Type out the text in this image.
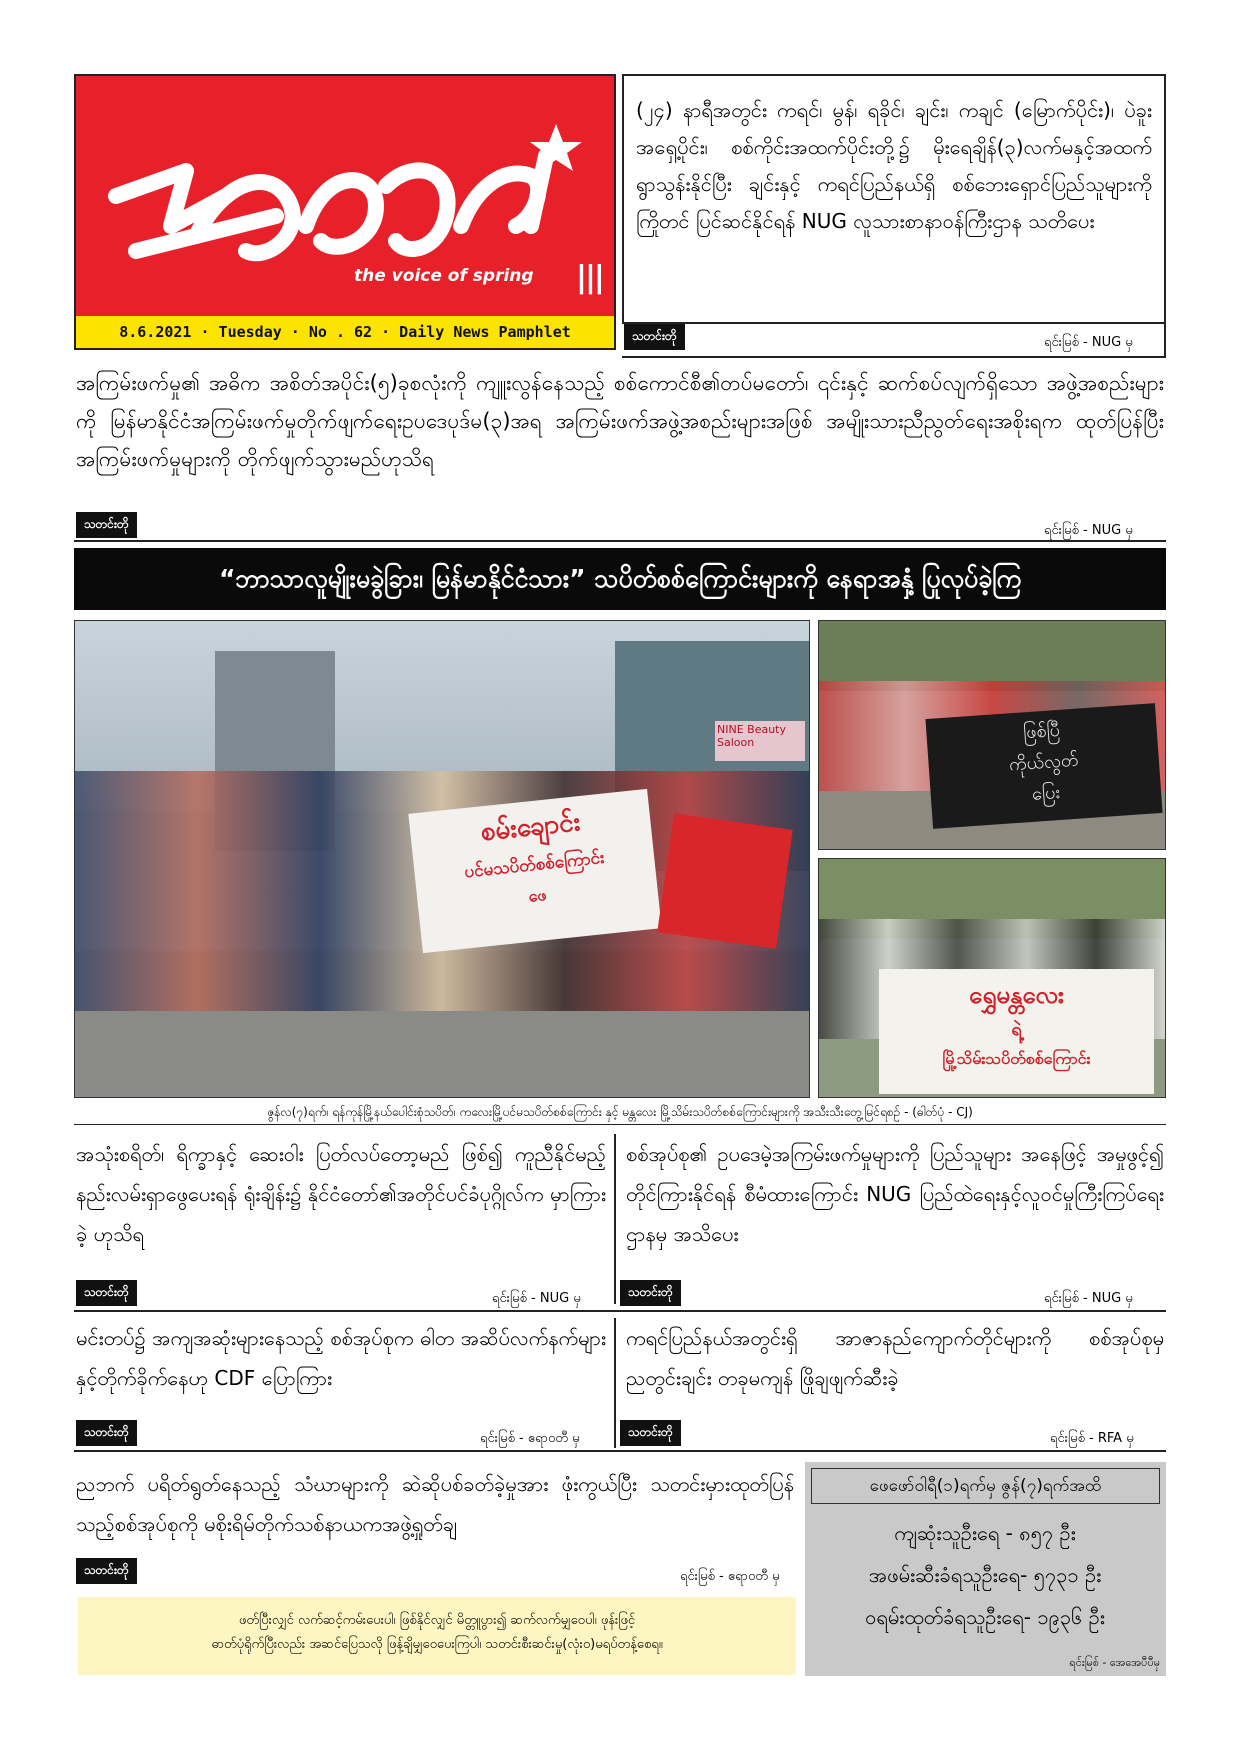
the voice of spring |||
8.6.2021 · Tuesday · No . 62 · Daily News Pamphlet
(၂၄) နာရီအတွင်း ကရင်၊ မွန်၊ ရခိုင်၊ ချင်း၊ ကချင် (မြောက်ပိုင်း)၊ ပဲခူးအရှေ့ပိုင်း၊ စစ်ကိုင်းအထက်ပိုင်းတို့၌ မိုးရေချိန်(၃)လက်မနှင့်အထက် ရွာသွန်းနိုင်ပြီး ချင်းနှင့် ကရင်ပြည်နယ်ရှိ စစ်ဘေးရှောင်ပြည်သူများကို ကြိုတင် ပြင်ဆင်နိုင်ရန် NUG လူသားစာနာဝန်ကြီးဌာန သတိပေး
သတင်းတို	ရင်းမြစ် - NUG မှ
အကြမ်းဖက်မှု၏ အဓိက အစိတ်အပိုင်း(၅)ခုစလုံးကို ကျူးလွန်နေသည့် စစ်ကောင်စီ၏တပ်မတော်၊ ၎င်းနှင့် ဆက်စပ်လျက်ရှိသော အဖွဲ့အစည်းများကို မြန်မာနိုင်ငံအကြမ်းဖက်မှုတိုက်ဖျက်ရေးဥပဒေပုဒ်မ(၃)အရ အကြမ်းဖက်အဖွဲ့အစည်းများအဖြစ် အမျိုးသားညီညွတ်ရေးအစိုးရက ထုတ်ပြန်ပြီး အကြမ်းဖက်မှုများကို တိုက်ဖျက်သွားမည်ဟုသိရ
သတင်းတို	ရင်းမြစ် - NUG မှ
“ဘာသာလူမျိုးမခွဲခြား၊ မြန်မာနိုင်ငံသား” သပိတ်စစ်ကြောင်းများကို နေရာအနှံ့ ပြုလုပ်ခဲ့ကြ
NINE Beauty Saloon
စမ်းချောင်း
ပင်မသပိတ်စစ်ကြောင်း
ဖေ
ဖြစ်ပြီ
ကိုယ်လွတ်
ပြေး
ရွှေမန္တလေး
ရဲ့
မြို့သိမ်းသပိတ်စစ်ကြောင်း
ဇွန်လ(၇)ရက်၊ ရန်ကုန်မြို့နယ်ပေါင်းစုံသပိတ်၊ ကလေးမြို့ပင်မသပိတ်စစ်ကြောင်း နှင့် မန္တလေး မြို့သိမ်းသပိတ်စစ်ကြောင်းများကို အသီးသီးတွေ့မြင်ရစဉ် - (ဓါတ်ပုံ - CJ)
အသုံးစရိတ်၊ ရိက္ခာနှင့် ဆေးဝါး ပြတ်လပ်တော့မည် ဖြစ်၍ ကူညီနိုင်မည့် နည်းလမ်းရှာဖွေပေးရန် ရုံးချိန်း၌ နိုင်ငံတော်၏အတိုင်ပင်ခံပုဂ္ဂိုလ်က မှာကြားခဲ့ ဟုသိရ
သတင်းတို	ရင်းမြစ် - NUG မှ
စစ်အုပ်စု၏ ဥပဒေမဲ့အကြမ်းဖက်မှုများကို ပြည်သူများ အနေဖြင့် အမှုဖွင့်၍ တိုင်ကြားနိုင်ရန် စီမံထားကြောင်း NUG ပြည်ထဲရေးနှင့်လူဝင်မှုကြီးကြပ်ရေးဌာနမှ အသိပေး
သတင်းတို	ရင်းမြစ် - NUG မှ
မင်းတပ်၌ အကျအဆုံးများနေသည့် စစ်အုပ်စုက ဓါတ အဆိပ်လက်နက်များနှင့်တိုက်ခိုက်နေဟု CDF ပြောကြား
သတင်းတို	ရင်းမြစ် - ဧရာဝတီ မှ
ကရင်ပြည်နယ်အတွင်းရှိ အာဇာနည်ကျောက်တိုင်များကို စစ်အုပ်စုမှ ညတွင်းချင်း တခုမကျန် ဖြိုချဖျက်ဆီးခဲ့
သတင်းတို	ရင်းမြစ် - RFA မှ
ညဘက် ပရိတ်ရွတ်နေသည့် သံဃာများကို ဆဲဆိုပစ်ခတ်ခဲ့မှုအား ဖုံးကွယ်ပြီး သတင်းမှားထုတ်ပြန်သည့်စစ်အုပ်စုကို မစိုးရိမ်တိုက်သစ်နာယကအဖွဲ့ရှုတ်ချ
သတင်းတို	ရင်းမြစ် - ဧရာဝတီ မှ
ဖတ်ပြီးလျှင် လက်ဆင့်ကမ်းပေးပါ၊ ဖြစ်နိုင်လျှင် မိတ္တူပွား၍ ဆက်လက်မျှဝေပါ၊ ဖုန်းဖြင့်
ဓာတ်ပုံရိုက်ပြီးလည်း အဆင်ပြေသလို ဖြန့်ချိမျှဝေပေးကြပါ၊ သတင်းစီးဆင်းမှု(လုံး၀)မရပ်တန့်စေရ။
ဖေဖော်ဝါရီ(၁)ရက်မှ ဇွန်(၇)ရက်အထိ
ကျဆုံးသူဦးရေ - ၈၅၇ ဦး
အဖမ်းဆီးခံရသူဦးရေ- ၅၇၃၁ ဦး
ဝရမ်းထုတ်ခံရသူဦးရေ- ၁၉၃၆ ဦး
ရင်းမြစ် - အေအေပီပီမှ
